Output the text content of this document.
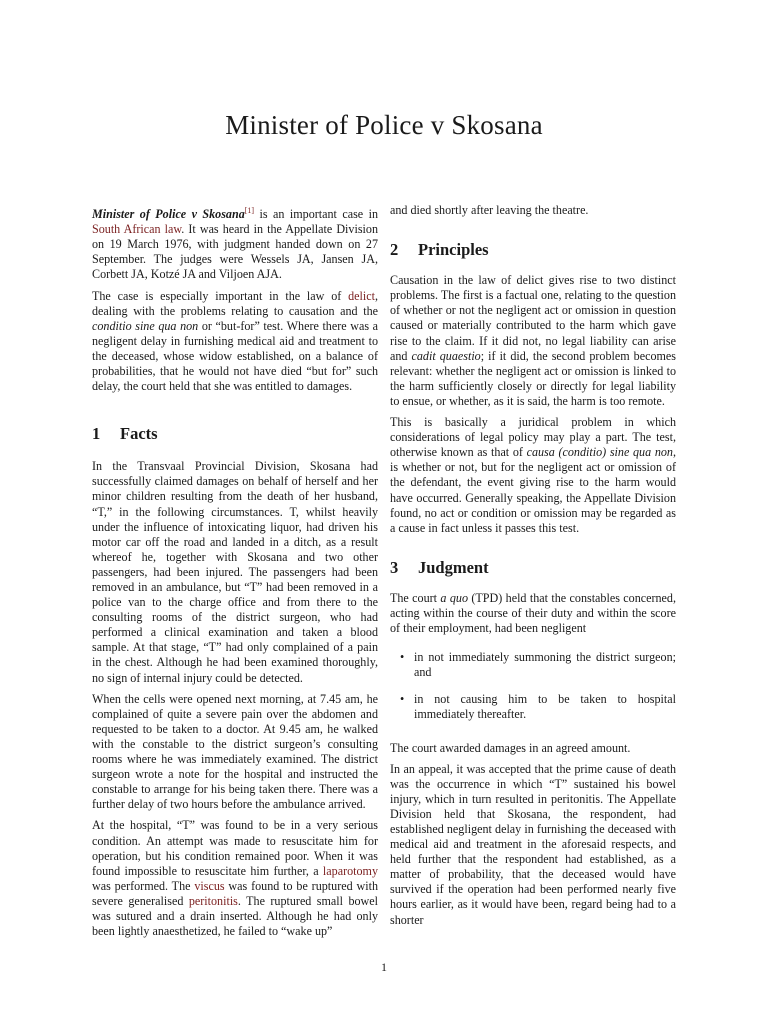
Minister of Police v Skosana

Minister of Police v Skosana[1] is an important case in South African law. It was heard in the Appellate Division on 19 March 1976, with judgment handed down on 27 September. The judges were Wessels JA, Jansen JA, Corbett JA, Kotzé JA and Viljoen AJA.

The case is especially important in the law of delict, dealing with the problems relating to causation and the conditio sine qua non or “but-for” test. Where there was a negligent delay in furnishing medical aid and treatment to the deceased, whose widow established, on a balance of probabilities, that he would not have died “but for” such delay, the court held that she was entitled to damages.

1	Facts

In the Transvaal Provincial Division, Skosana had successfully claimed damages on behalf of herself and her minor children resulting from the death of her husband, “T,” in the following circumstances. T, whilst heavily under the influence of intoxicating liquor, had driven his motor car off the road and landed in a ditch, as a result whereof he, together with Skosana and two other passengers, had been injured. The passengers had been removed in an ambulance, but “T” had been removed in a police van to the charge office and from there to the consulting rooms of the district surgeon, who had performed a clinical examination and taken a blood sample. At that stage, “T” had only complained of a pain in the chest. Although he had been examined thoroughly, no sign of internal injury could be detected.

When the cells were opened next morning, at 7.45 am, he complained of quite a severe pain over the abdomen and requested to be taken to a doctor. At 9.45 am, he walked with the constable to the district surgeon’s consulting rooms where he was immediately examined. The district surgeon wrote a note for the hospital and instructed the constable to arrange for his being taken there. There was a further delay of two hours before the ambulance arrived.

At the hospital, “T” was found to be in a very serious condition. An attempt was made to resuscitate him for operation, but his condition remained poor. When it was found impossible to resuscitate him further, a laparotomy was performed. The viscus was found to be ruptured with severe generalised peritonitis. The ruptured small bowel was sutured and a drain inserted. Although he had only been lightly anaesthetized, he failed to “wake up”

and died shortly after leaving the theatre.

2	Principles

Causation in the law of delict gives rise to two distinct problems. The first is a factual one, relating to the question of whether or not the negligent act or omission in question caused or materially contributed to the harm which gave rise to the claim. If it did not, no legal liability can arise and cadit quaestio; if it did, the second problem becomes relevant: whether the negligent act or omission is linked to the harm sufficiently closely or directly for legal liability to ensue, or whether, as it is said, the harm is too remote.

This is basically a juridical problem in which considerations of legal policy may play a part. The test, otherwise known as that of causa (conditio) sine qua non, is whether or not, but for the negligent act or omission of the defendant, the event giving rise to the harm would have occurred. Generally speaking, the Appellate Division found, no act or condition or omission may be regarded as a cause in fact unless it passes this test.

3	Judgment

The court a quo (TPD) held that the constables concerned, acting within the course of their duty and within the score of their employment, had been negligent

• in not immediately summoning the district surgeon; and
• in not causing him to be taken to hospital immediately thereafter.

The court awarded damages in an agreed amount.

In an appeal, it was accepted that the prime cause of death was the occurrence in which “T” sustained his bowel injury, which in turn resulted in peritonitis. The Appellate Division held that Skosana, the respondent, had established negligent delay in furnishing the deceased with medical aid and treatment in the aforesaid respects, and held further that the respondent had established, as a matter of probability, that the deceased would have survived if the operation had been performed nearly five hours earlier, as it would have been, regard being had to a shorter

1
